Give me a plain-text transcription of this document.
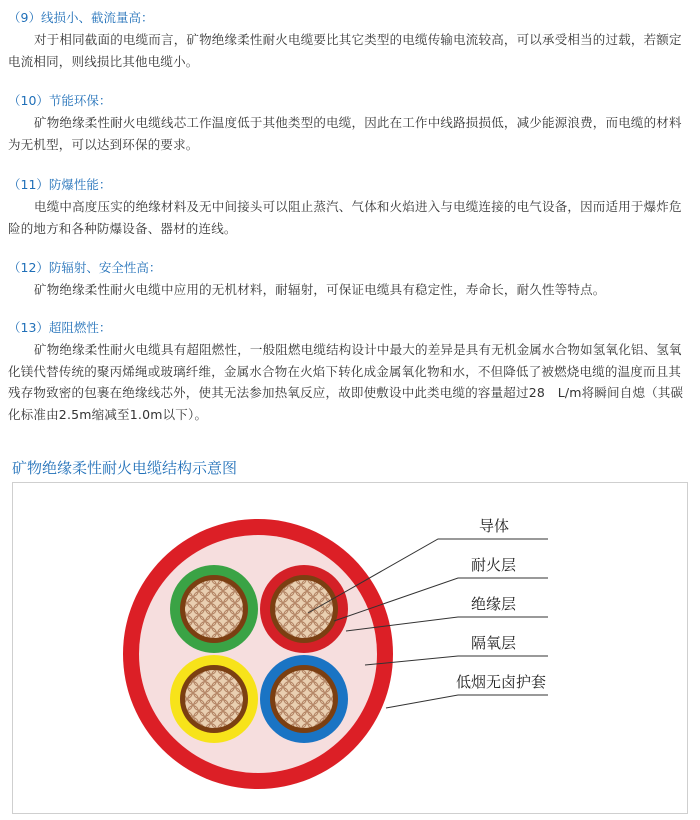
（9）线损小、截流量高：

对于相同截面的电缆而言，矿物绝缘柔性耐火电缆要比其它类型的电缆传输电流较高，可以承受相当的过载，若额定电流相同，则线损比其他电缆小。

（10）节能环保：

矿物绝缘柔性耐火电缆线芯工作温度低于其他类型的电缆，因此在工作中线路损损低，减少能源浪费，而电缆的材料为无机型，可以达到环保的要求。

（11）防爆性能：

电缆中高度压实的绝缘材料及无中间接头可以阻止蒸汽、气体和火焰进入与电缆连接的电气设备，因而适用于爆炸危险的地方和各种防爆设备、器材的连线。

（12）防辐射、安全性高：

矿物绝缘柔性耐火电缆中应用的无机材料，耐辐射，可保证电缆具有稳定性，寿命长，耐久性等特点。

（13）超阻燃性：

矿物绝缘柔性耐火电缆具有超阻燃性，一般阻燃电缆结构设计中最大的差异是具有无机金属水合物如氢氧化铝、氢氧化镁代替传统的聚丙烯绳或玻璃纤维，金属水合物在火焰下转化成金属氧化物和水，不但降低了被燃烧电缆的温度而且其残存物致密的包裹在绝缘线芯外，使其无法参加热氧反应，故即使敷设中此类电缆的容量超过28　L/m将瞬间自熄（其碳化标准由2.5m缩减至1.0m以下）。

矿物绝缘柔性耐火电缆结构示意图
导体
耐火层
绝缘层
隔氧层
低烟无卤护套
